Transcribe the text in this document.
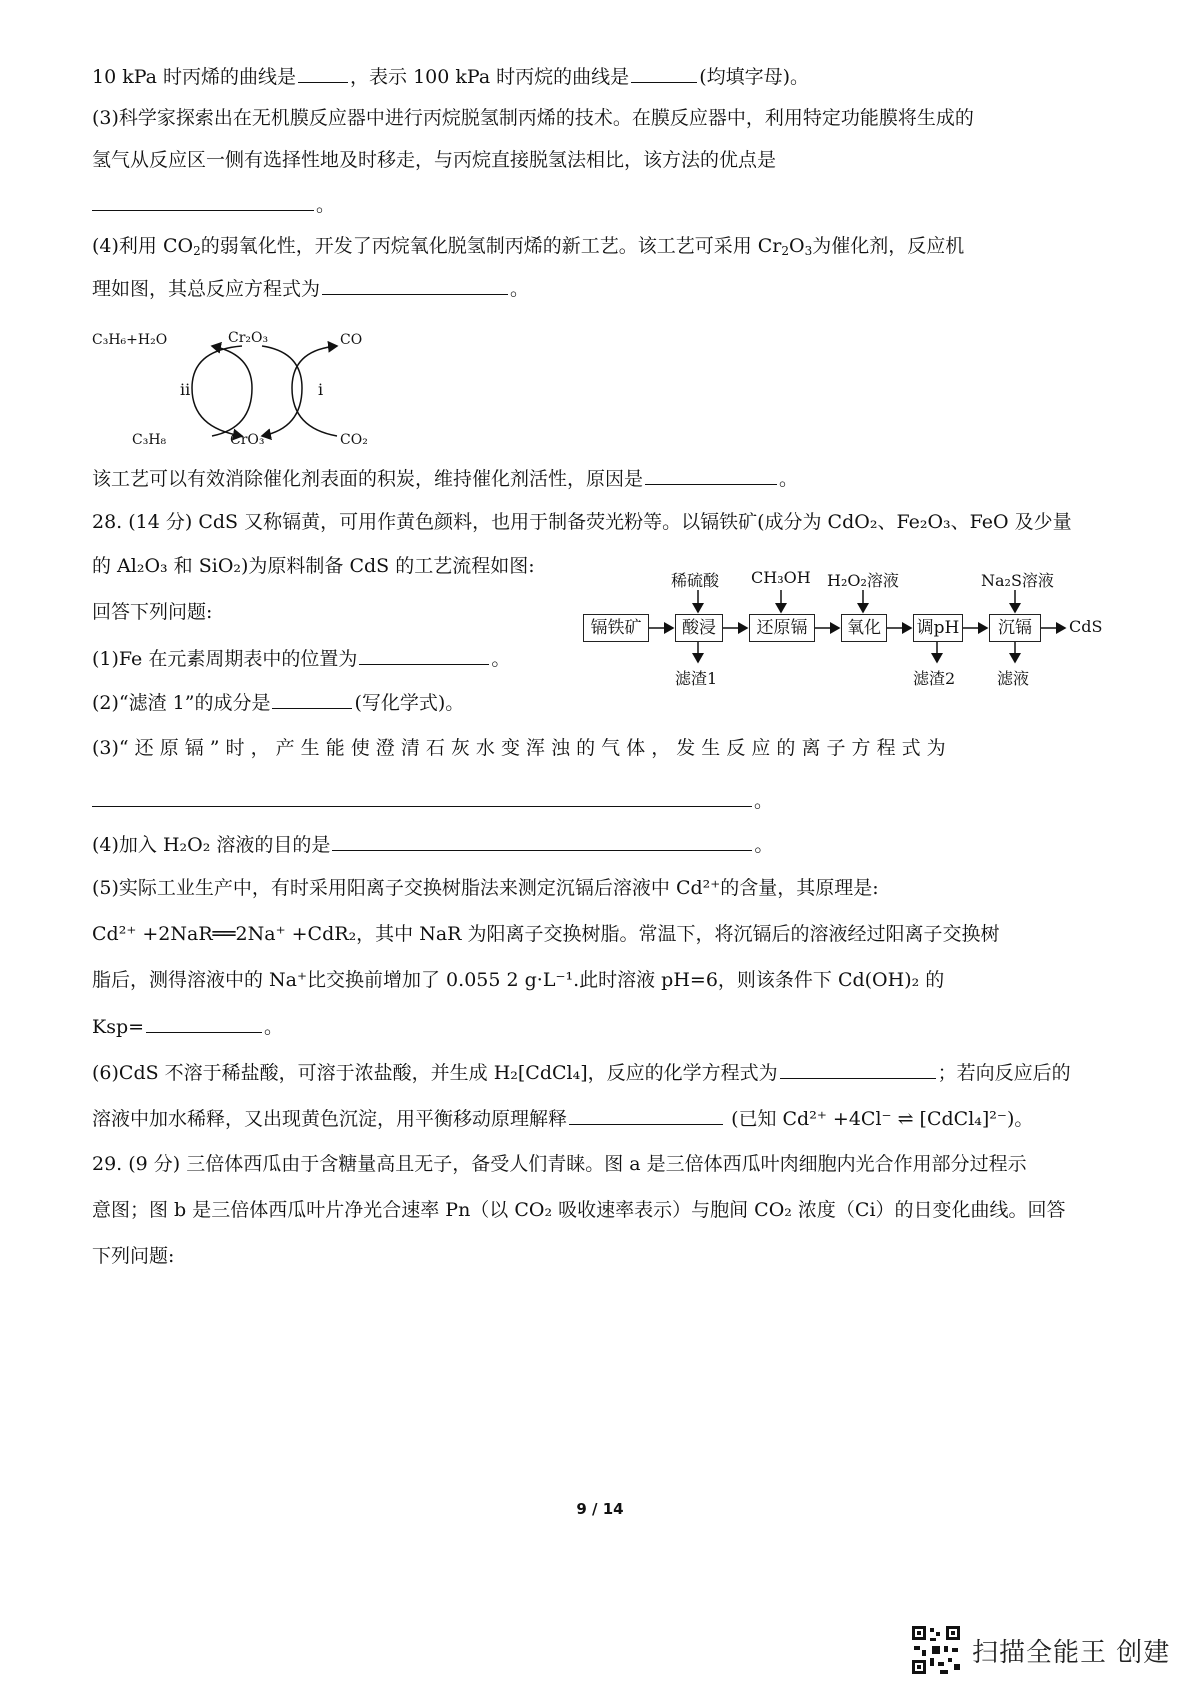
10 kPa 时丙烯的曲线是	，表示 100 kPa 时丙烷的曲线是	(均填字母)。
(3)科学家探索出在无机膜反应器中进行丙烷脱氢制丙烯的技术。在膜反应器中，利用特定功能膜将生成的
氢气从反应区一侧有选择性地及时移走，与丙烷直接脱氢法相比，该方法的优点是
。
(4)利用 $CO_2$的弱氧化性，开发了丙烷氧化脱氢制丙烯的新工艺。该工艺可采用 $Cr_2O_3$为催化剂，反应机
理如图，其总反应方程式为	。
C₃H₆+H₂O	Cr₂O₃	CO
C₃H₈	CrO₃	CO₂
ii	i
该工艺可以有效消除催化剂表面的积炭，维持催化剂活性，原因是	。
28. (14 分) CdS 又称镉黄，可用作黄色颜料，也用于制备荧光粉等。以镉铁矿(成分为 CdO₂、Fe₂O₃、FeO 及少量
的 Al₂O₃ 和 SiO₂)为原料制备 CdS 的工艺流程如图:
回答下列问题:
(1)Fe 在元素周期表中的位置为	。
(2)“滤渣 1”的成分是	(写化学式)。
镉铁矿	酸浸	还原镉	氧化	调pH	沉镉	CdS
稀硫酸 CH₃OH H₂O₂溶液	Na₂S溶液
滤渣1	滤渣2	滤液
(3)“ 还 原 镉 ” 时 ， 产 生 能 使 澄 清 石 灰 水 变 浑 浊 的 气 体 ， 发 生 反 应 的 离 子 方 程 式 为
。
(4)加入 H₂O₂ 溶液的目的是	。
(5)实际工业生产中，有时采用阳离子交换树脂法来测定沉镉后溶液中 Cd²⁺的含量，其原理是:
Cd²⁺ +2NaR══2Na⁺ +CdR₂，其中 NaR 为阳离子交换树脂。常温下，将沉镉后的溶液经过阳离子交换树
脂后，测得溶液中的 Na⁺比交换前增加了 0.055 2 g·L⁻¹.此时溶液 pH=6，则该条件下 Cd(OH)₂ 的
Ksp=	。
(6)CdS 不溶于稀盐酸，可溶于浓盐酸，并生成 H₂[CdCl₄]，反应的化学方程式为	；若向反应后的
溶液中加水稀释，又出现黄色沉淀，用平衡移动原理解释	(已知 Cd²⁺ +4Cl⁻ ⇌ [CdCl₄]²⁻)。
29. (9 分) 三倍体西瓜由于含糖量高且无子，备受人们青睐。图 a 是三倍体西瓜叶肉细胞内光合作用部分过程示
意图；图 b 是三倍体西瓜叶片净光合速率 Pn（以 CO₂ 吸收速率表示）与胞间 CO₂ 浓度（Ci）的日变化曲线。回答
下列问题:
9 / 14
扫描全能王 创建
